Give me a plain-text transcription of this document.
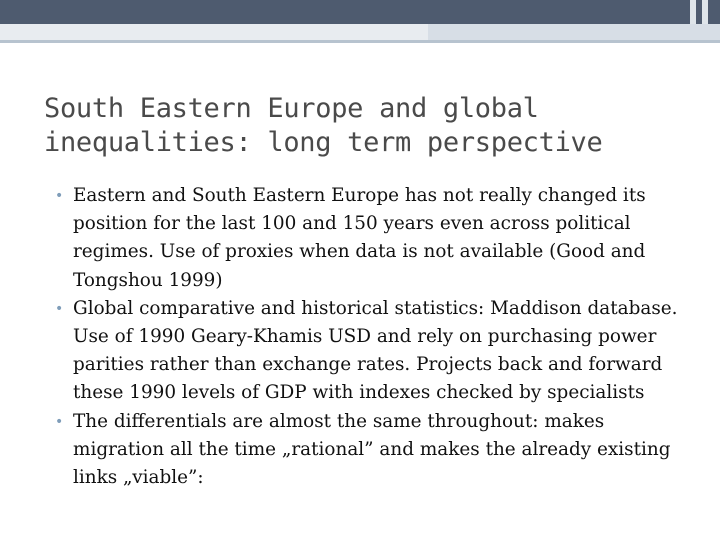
South Eastern Europe and global inequalities: long term perspective
• Eastern and South Eastern Europe has not really changed its position for the last 100 and 150 years even across political regimes. Use of proxies when data is not available (Good and Tongshou 1999)
• Global comparative and historical statistics: Maddison database. Use of 1990 Geary-Khamis USD and rely on purchasing power parities rather than exchange rates. Projects back and forward these 1990 levels of GDP with indexes checked by specialists
• The differentials are almost the same throughout: makes migration all the time „rational” and makes the already existing links „viable”:
